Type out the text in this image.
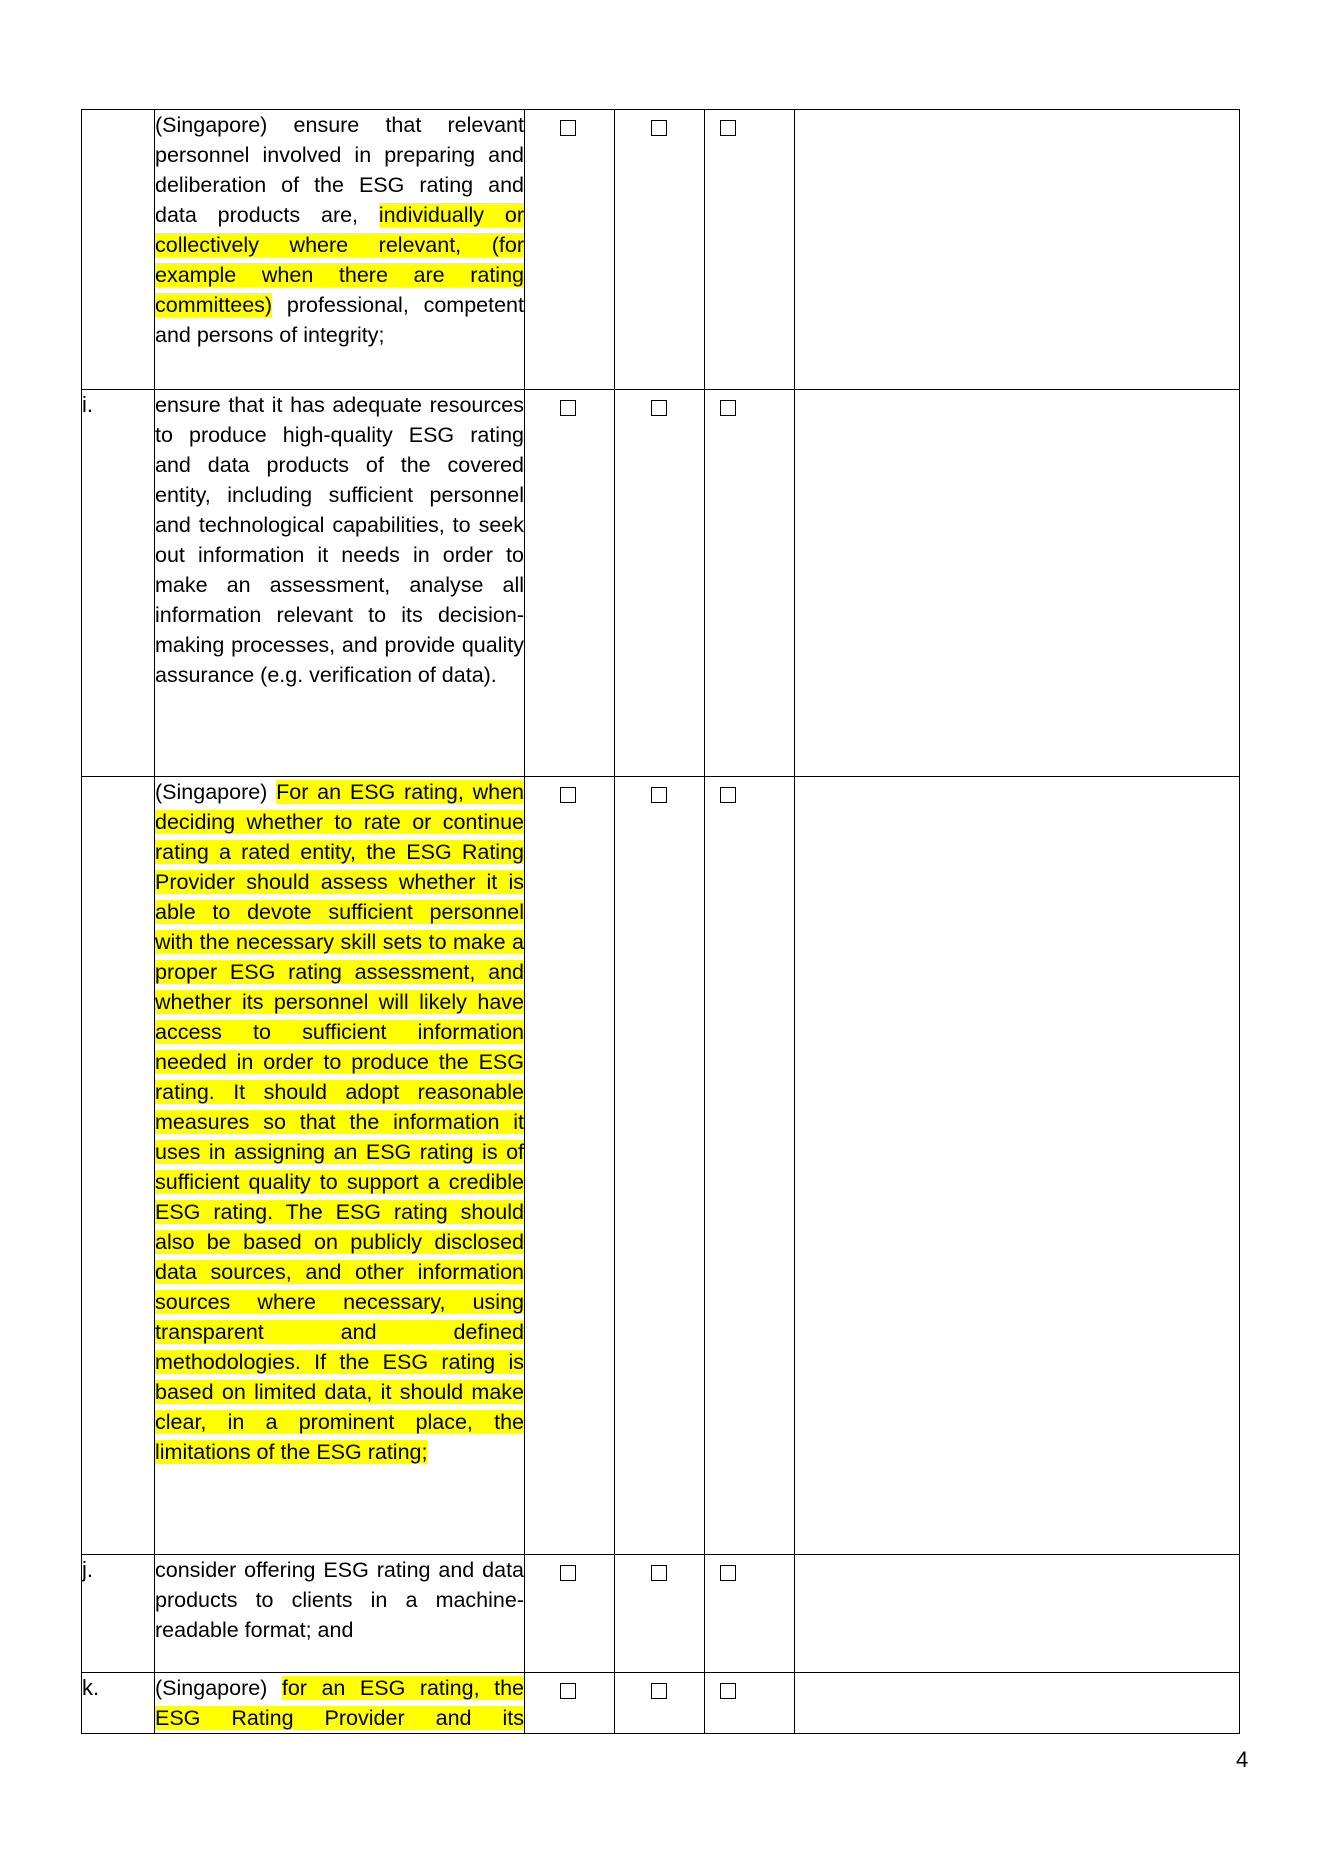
	(Singapore) ensure that relevant personnel involved in preparing and deliberation of the ESG rating and data products are, individually or collectively where relevant, (for example when there are rating committees) professional, competent and persons of integrity;				

i.	ensure that it has adequate resources to produce high-quality ESG rating and data products of the covered entity, including sufficient personnel and technological capabilities, to seek out information it needs in order to make an assessment, analyse all information relevant to its decision-making processes, and provide quality assurance (e.g. verification of data).				

	(Singapore) For an ESG rating, when deciding whether to rate or continue rating a rated entity, the ESG Rating Provider should assess whether it is able to devote sufficient personnel with the necessary skill sets to make a proper ESG rating assessment, and whether its personnel will likely have access to sufficient information needed in order to produce the ESG rating. It should adopt reasonable measures so that the information it uses in assigning an ESG rating is of sufficient quality to support a credible ESG rating. The ESG rating should also be based on publicly disclosed data sources, and other information sources where necessary, using transparent and defined methodologies. If the ESG rating is based on limited data, it should make clear, in a prominent place, the limitations of the ESG rating;				

j.	consider offering ESG rating and data products to clients in a machine-readable format; and				

k.	(Singapore) for an ESG rating, the ESG Rating Provider and its				

4
